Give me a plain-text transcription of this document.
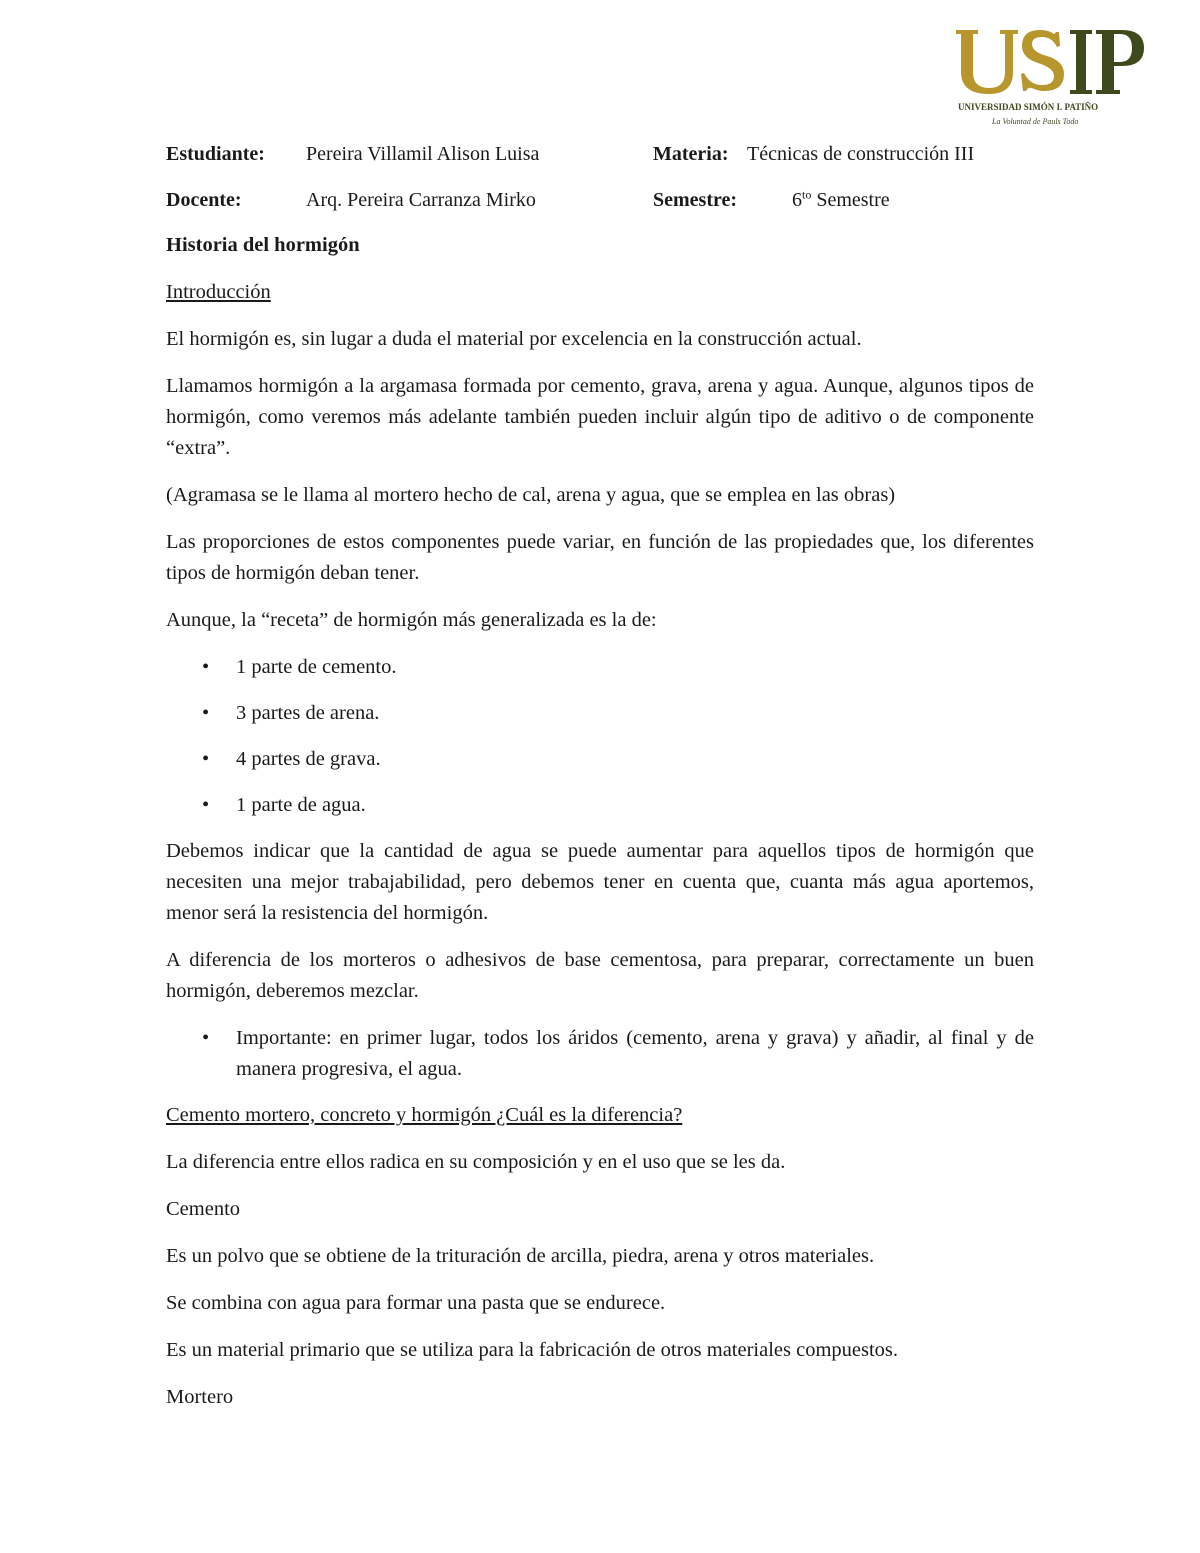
UNIVERSIDAD SIMÓN I. PATIÑO
La Voluntad de Pauls Todo
Estudiante: Pereira Villamil Alison Luisa	Materia: Técnicas de construcción III
Docente:	Arq. Pereira Carranza Mirko	Semestre:	$6^{to}$ Semestre

Historia del hormigón

Introducción

El hormigón es, sin lugar a duda el material por excelencia en la construcción actual.

Llamamos hormigón a la argamasa formada por cemento, grava, arena y agua. Aunque, algunos tipos de hormigón, como veremos más adelante también pueden incluir algún tipo de aditivo o de componente “extra”.

(Agramasa se le llama al mortero hecho de cal, arena y agua, que se emplea en las obras)

Las proporciones de estos componentes puede variar, en función de las propiedades que, los diferentes tipos de hormigón deban tener.

Aunque, la “receta” de hormigón más generalizada es la de:

• 1 parte de cemento.
• 3 partes de arena.
• 4 partes de grava.
• 1 parte de agua.

Debemos indicar que la cantidad de agua se puede aumentar para aquellos tipos de hormigón que necesiten una mejor trabajabilidad, pero debemos tener en cuenta que, cuanta más agua aportemos, menor será la resistencia del hormigón.

A diferencia de los morteros o adhesivos de base cementosa, para preparar, correctamente un buen hormigón, deberemos mezclar.

• Importante: en primer lugar, todos los áridos (cemento, arena y grava) y añadir, al final y de manera progresiva, el agua.

Cemento mortero, concreto y hormigón ¿Cuál es la diferencia?

La diferencia entre ellos radica en su composición y en el uso que se les da.

Cemento

Es un polvo que se obtiene de la trituración de arcilla, piedra, arena y otros materiales.

Se combina con agua para formar una pasta que se endurece.

Es un material primario que se utiliza para la fabricación de otros materiales compuestos.

Mortero
